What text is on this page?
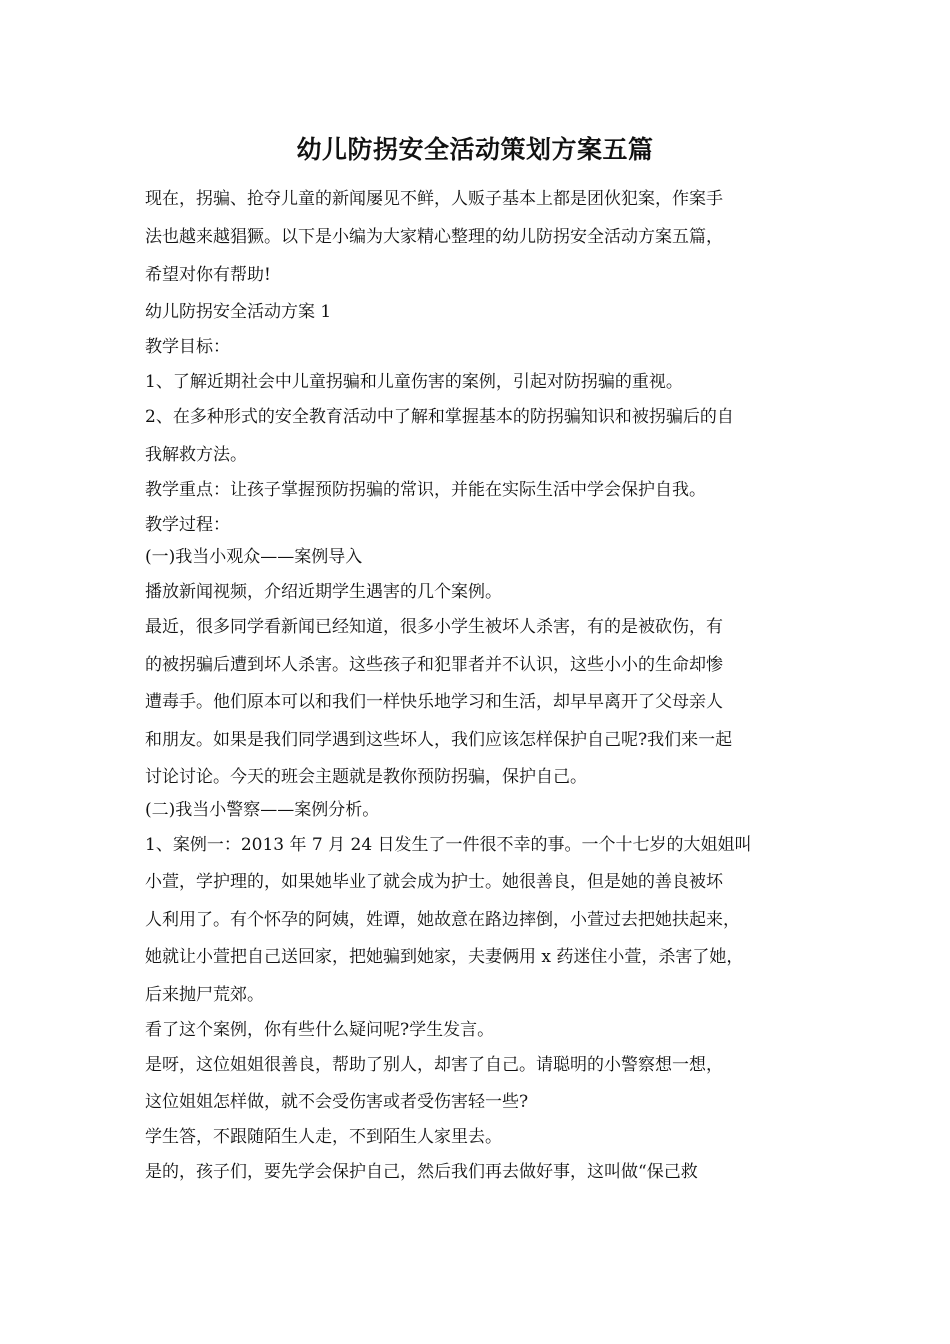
幼儿防拐安全活动策划方案五篇
现在，拐骗、抢夺儿童的新闻屡见不鲜，人贩子基本上都是团伙犯案，作案手
法也越来越猖獗。以下是小编为大家精心整理的幼儿防拐安全活动方案五篇，
希望对你有帮助!
幼儿防拐安全活动方案 1
教学目标：
1、了解近期社会中儿童拐骗和儿童伤害的案例，引起对防拐骗的重视。
2、在多种形式的安全教育活动中了解和掌握基本的防拐骗知识和被拐骗后的自
我解救方法。
教学重点：让孩子掌握预防拐骗的常识，并能在实际生活中学会保护自我。
教学过程：
(一)我当小观众——案例导入
播放新闻视频，介绍近期学生遇害的几个案例。
最近，很多同学看新闻已经知道，很多小学生被坏人杀害，有的是被砍伤，有
的被拐骗后遭到坏人杀害。这些孩子和犯罪者并不认识，这些小小的生命却惨
遭毒手。他们原本可以和我们一样快乐地学习和生活，却早早离开了父母亲人
和朋友。如果是我们同学遇到这些坏人，我们应该怎样保护自己呢?我们来一起
讨论讨论。今天的班会主题就是教你预防拐骗，保护自己。
(二)我当小警察——案例分析。
1、案例一：2013 年 7 月 24 日发生了一件很不幸的事。一个十七岁的大姐姐叫
小萱，学护理的，如果她毕业了就会成为护士。她很善良，但是她的善良被坏
人利用了。有个怀孕的阿姨，姓谭，她故意在路边摔倒，小萱过去把她扶起来，
她就让小萱把自己送回家，把她骗到她家，夫妻俩用 x 药迷住小萱，杀害了她，
后来抛尸荒郊。
看了这个案例，你有些什么疑问呢?学生发言。
是呀，这位姐姐很善良，帮助了别人，却害了自己。请聪明的小警察想一想，
这位姐姐怎样做，就不会受伤害或者受伤害轻一些?
学生答，不跟随陌生人走，不到陌生人家里去。
是的，孩子们，要先学会保护自己，然后我们再去做好事，这叫做“保己救
